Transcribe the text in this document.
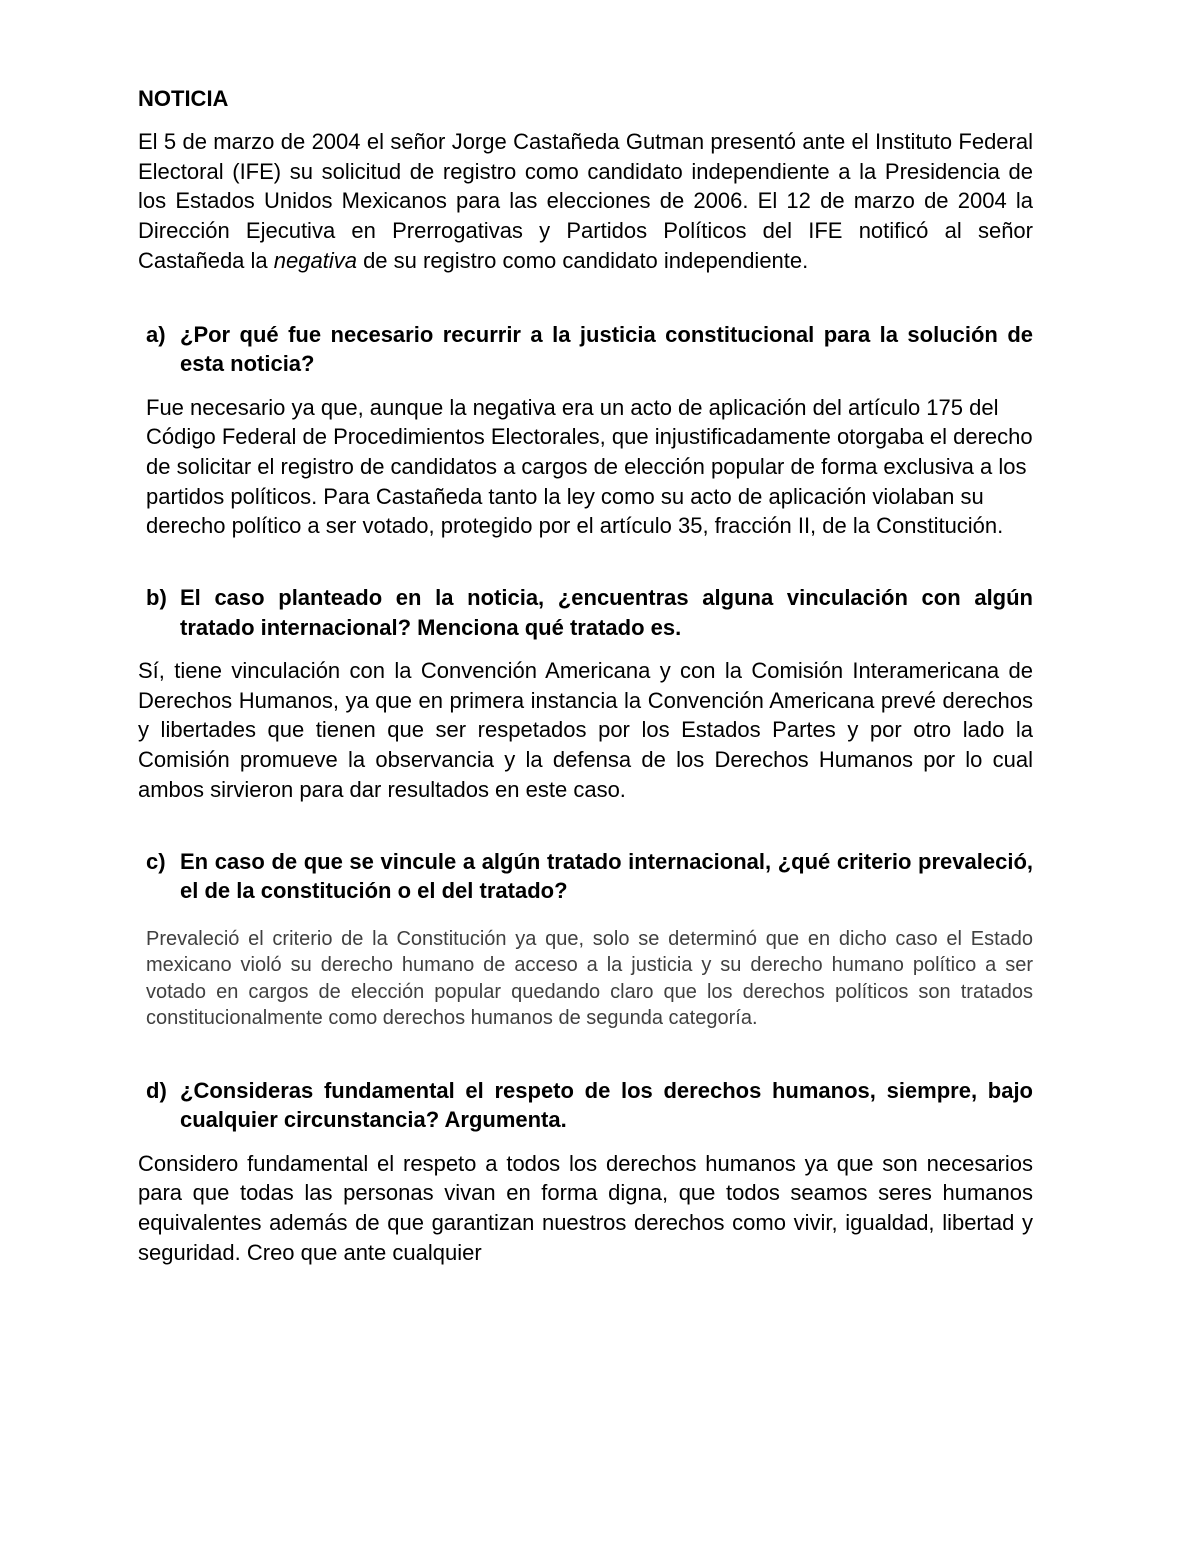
NOTICIA

El 5 de marzo de 2004 el señor Jorge Castañeda Gutman presentó ante el Instituto Federal Electoral (IFE) su solicitud de registro como candidato independiente a la Presidencia de los Estados Unidos Mexicanos para las elecciones de 2006. El 12 de marzo de 2004 la Dirección Ejecutiva en Prerrogativas y Partidos Políticos del IFE notificó al señor Castañeda la negativa de su registro como candidato independiente.

a) ¿Por qué fue necesario recurrir a la justicia constitucional para la solución de esta noticia?

Fue necesario ya que, aunque la negativa era un acto de aplicación del artículo 175 del Código Federal de Procedimientos Electorales, que injustificadamente otorgaba el derecho de solicitar el registro de candidatos a cargos de elección popular de forma exclusiva a los partidos políticos. Para Castañeda tanto la ley como su acto de aplicación violaban su derecho político a ser votado, protegido por el artículo 35, fracción II, de la Constitución.

b) El caso planteado en la noticia, ¿encuentras alguna vinculación con algún tratado internacional? Menciona qué tratado es.

Sí, tiene vinculación con la Convención Americana y con la Comisión Interamericana de Derechos Humanos, ya que en primera instancia la Convención Americana prevé derechos y libertades que tienen que ser respetados por los Estados Partes y por otro lado la Comisión promueve la observancia y la defensa de los Derechos Humanos por lo cual ambos sirvieron para dar resultados en este caso.

c) En caso de que se vincule a algún tratado internacional, ¿qué criterio prevaleció, el de la constitución o el del tratado?

Prevaleció el criterio de la Constitución ya que, solo se determinó que en dicho caso el Estado mexicano violó su derecho humano de acceso a la justicia y su derecho humano político a ser votado en cargos de elección popular quedando claro que los derechos políticos son tratados constitucionalmente como derechos humanos de segunda categoría.

d) ¿Consideras fundamental el respeto de los derechos humanos, siempre, bajo cualquier circunstancia? Argumenta.

Considero fundamental el respeto a todos los derechos humanos ya que son necesarios para que todas las personas vivan en forma digna, que todos seamos seres humanos equivalentes además de que garantizan nuestros derechos como vivir, igualdad, libertad y seguridad. Creo que ante cualquier
